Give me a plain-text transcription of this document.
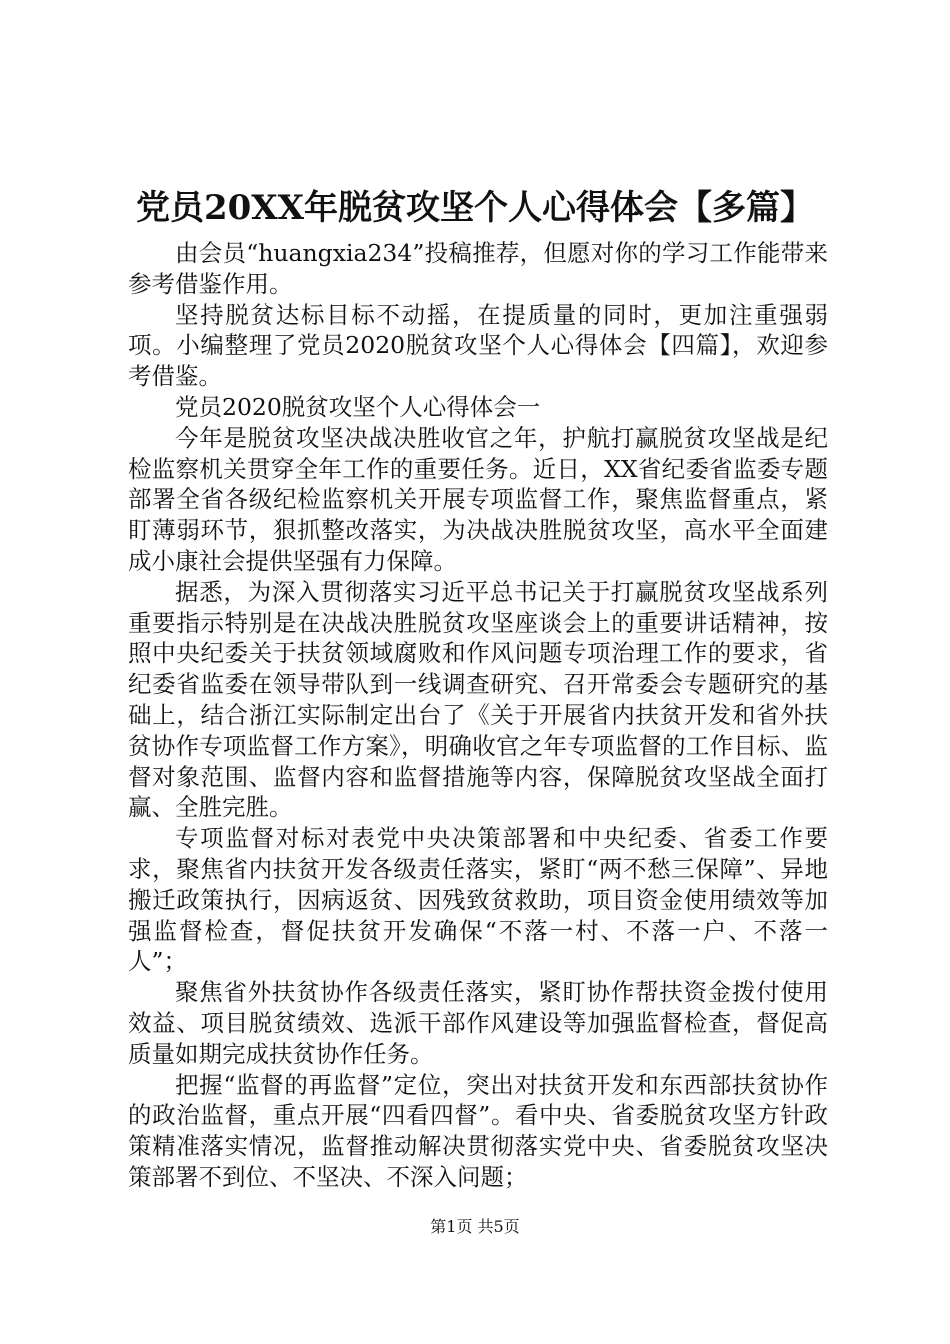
党员20XX年脱贫攻坚个人心得体会【多篇】

由会员“huangxia234”投稿推荐，但愿对你的学习工作能带来参考借鉴作用。

坚持脱贫达标目标不动摇，在提质量的同时，更加注重强弱项。小编整理了党员2020脱贫攻坚个人心得体会【四篇】，欢迎参考借鉴。

党员2020脱贫攻坚个人心得体会一

今年是脱贫攻坚决战决胜收官之年，护航打赢脱贫攻坚战是纪检监察机关贯穿全年工作的重要任务。近日，XX省纪委省监委专题部署全省各级纪检监察机关开展专项监督工作，聚焦监督重点，紧盯薄弱环节，狠抓整改落实，为决战决胜脱贫攻坚，高水平全面建成小康社会提供坚强有力保障。

据悉，为深入贯彻落实习近平总书记关于打赢脱贫攻坚战系列重要指示特别是在决战决胜脱贫攻坚座谈会上的重要讲话精神，按照中央纪委关于扶贫领域腐败和作风问题专项治理工作的要求，省纪委省监委在领导带队到一线调查研究、召开常委会专题研究的基础上，结合浙江实际制定出台了《关于开展省内扶贫开发和省外扶贫协作专项监督工作方案》，明确收官之年专项监督的工作目标、监督对象范围、监督内容和监督措施等内容，保障脱贫攻坚战全面打赢、全胜完胜。

专项监督对标对表党中央决策部署和中央纪委、省委工作要求，聚焦省内扶贫开发各级责任落实，紧盯“两不愁三保障”、异地搬迁政策执行，因病返贫、因残致贫救助，项目资金使用绩效等加强监督检查，督促扶贫开发确保“不落一村、不落一户、不落一人”；

聚焦省外扶贫协作各级责任落实，紧盯协作帮扶资金拨付使用效益、项目脱贫绩效、选派干部作风建设等加强监督检查，督促高质量如期完成扶贫协作任务。

把握“监督的再监督”定位，突出对扶贫开发和东西部扶贫协作的政治监督，重点开展“四看四督”。看中央、省委脱贫攻坚方针政策精准落实情况，监督推动解决贯彻落实党中央、省委脱贫攻坚决策部署不到位、不坚决、不深入问题；

第1页 共5页
